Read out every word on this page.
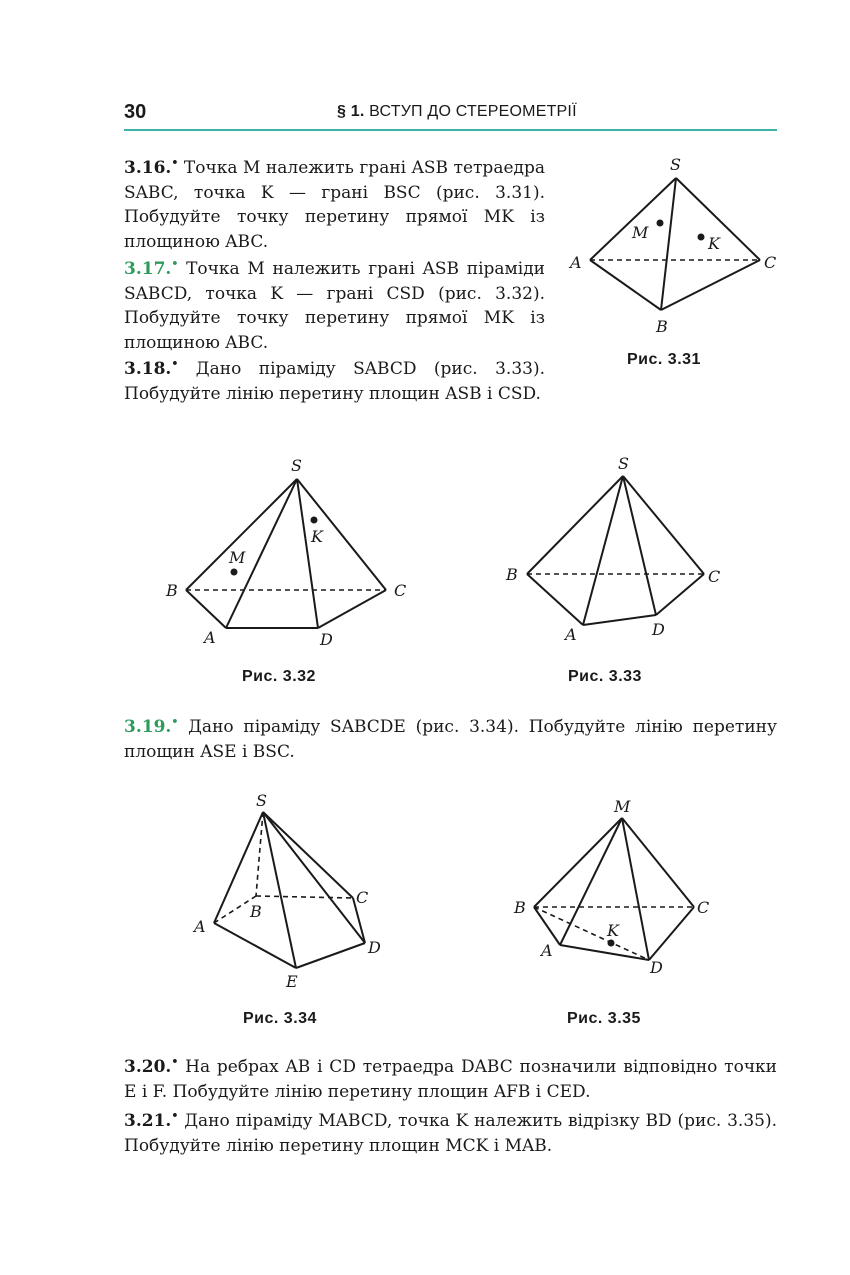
30	§ 1. ВСТУП ДО СТЕРЕОМЕТРІЇ
3.16.• Точка M належить грані ASB тетраедра SABC, точка K — грані BSC (рис. 3.31). Побудуйте точку перетину прямої MK із площиною ABC.
3.17.• Точка M належить грані ASB піраміди SABCD, точка K — грані CSD (рис. 3.32). Побудуйте точку перетину прямої MK із площиною ABC.
3.18.• Дано піраміду SABCD (рис. 3.33). Побудуйте лінію перетину площин ASB і CSD.
S
M
K
A	C
B
Рис. 3.31
S
K
M
B	C
A	D
Рис. 3.32
S
B	C
A	D
Рис. 3.33
3.19.• Дано піраміду SABCDE (рис. 3.34). Побудуйте лінію перетину площин ASE і BSC.
S
C
B
A
D
E
Рис. 3.34
M
B	C
K
A
D
Рис. 3.35
3.20.• На ребрах AB і CD тетраедра DABC позначили відповідно точки E і F. Побудуйте лінію перетину площин AFB і CED.
3.21.• Дано піраміду MABCD, точка K належить відрізку BD (рис. 3.35). Побудуйте лінію перетину площин MCK і MAB.
